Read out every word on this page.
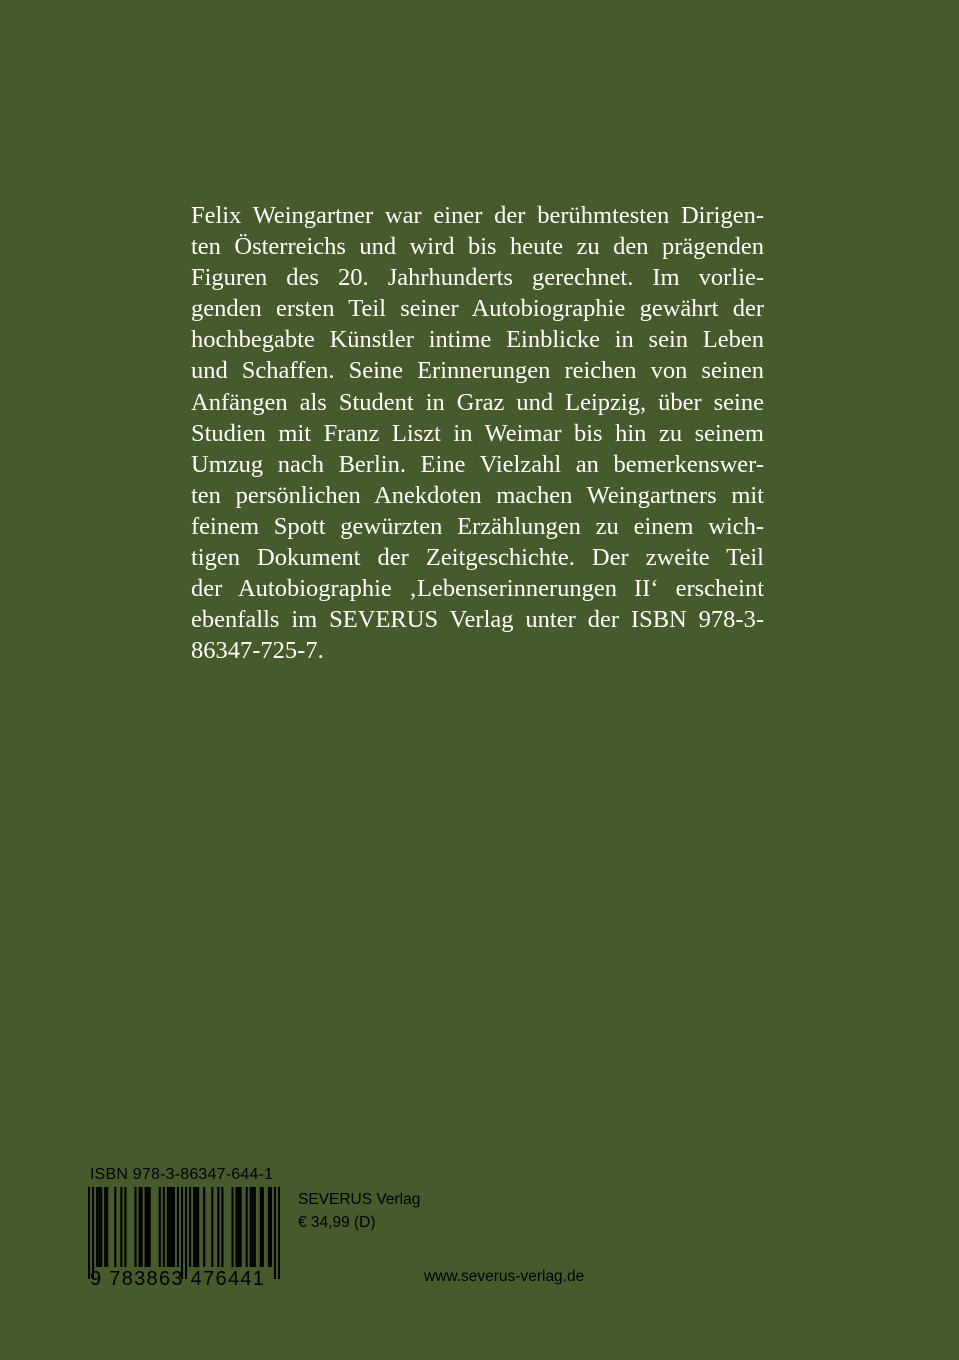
Felix Weingartner war einer der berühmtesten Dirigen-
ten Österreichs und wird bis heute zu den prägenden
Figuren des 20. Jahrhunderts gerechnet. Im vorlie-
genden ersten Teil seiner Autobiographie gewährt der
hochbegabte Künstler intime Einblicke in sein Leben
und Schaffen. Seine Erinnerungen reichen von seinen
Anfängen als Student in Graz und Leipzig, über seine
Studien mit Franz Liszt in Weimar bis hin zu seinem
Umzug nach Berlin. Eine Vielzahl an bemerkenswer-
ten persönlichen Anekdoten machen Weingartners mit
feinem Spott gewürzten Erzählungen zu einem wich-
tigen Dokument der Zeitgeschichte. Der zweite Teil
der Autobiographie ‚Lebenserinnerungen II‘ erscheint
ebenfalls im SEVERUS Verlag unter der ISBN 978-3-
86347-725-7.
ISBN 978-3-86347-644-1
9 783863 476441
SEVERUS Verlag
€ 34,99 (D)
www.severus-verlag.de
